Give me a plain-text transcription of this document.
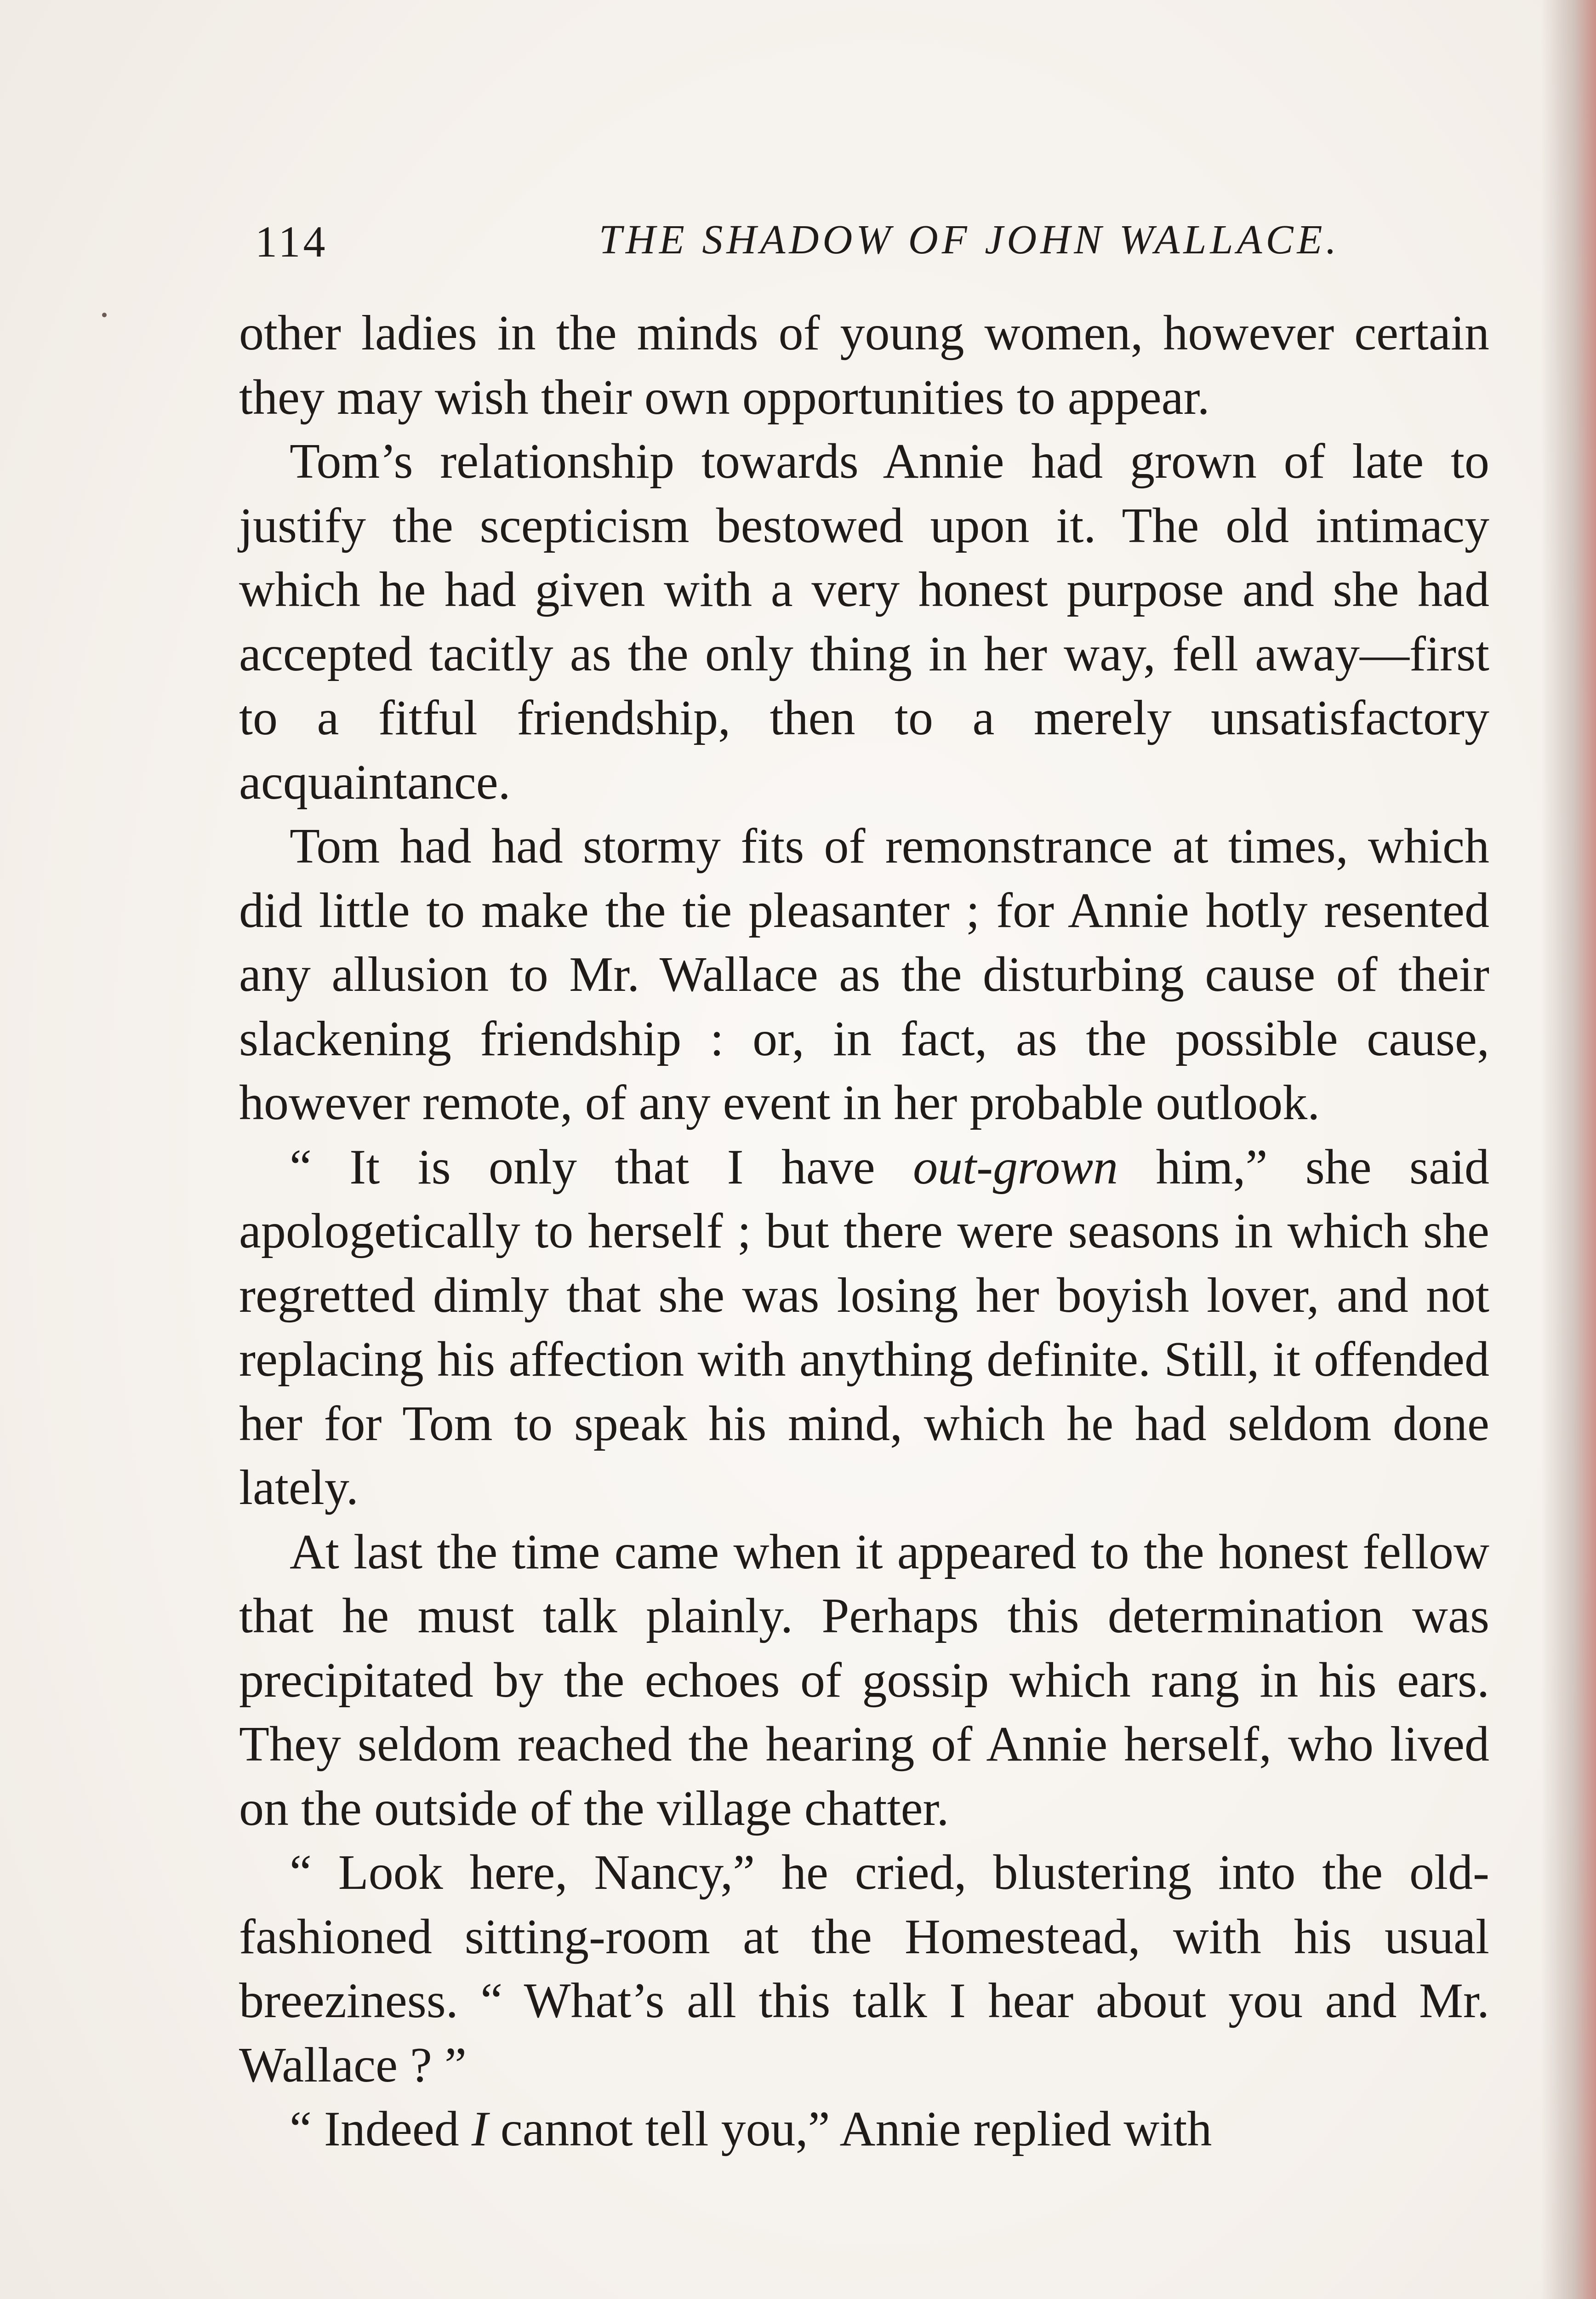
114	THE SHADOW OF JOHN WALLACE.

other ladies in the minds of young women, however certain they may wish their own opportunities to appear.

Tom’s relationship towards Annie had grown of late to justify the scepticism bestowed upon it. The old intimacy which he had given with a very honest purpose and she had accepted tacitly as the only thing in her way, fell away—first to a fitful friendship, then to a merely unsatisfactory acquaintance.

Tom had had stormy fits of remonstrance at times, which did little to make the tie pleasanter ; for Annie hotly resented any allusion to Mr. Wallace as the disturbing cause of their slackening friendship : or, in fact, as the possible cause, however remote, of any event in her probable outlook.

“ It is only that I have out-grown him,” she said apologetically to herself ; but there were seasons in which she regretted dimly that she was losing her boyish lover, and not replacing his affection with anything definite. Still, it offended her for Tom to speak his mind, which he had seldom done lately.

At last the time came when it appeared to the honest fellow that he must talk plainly. Perhaps this determination was precipitated by the echoes of gossip which rang in his ears. They seldom reached the hearing of Annie herself, who lived on the outside of the village chatter.

“ Look here, Nancy,” he cried, blustering into the old-fashioned sitting-room at the Homestead, with his usual breeziness. “ What’s all this talk I hear about you and Mr. Wallace ? ”

“ Indeed I cannot tell you,” Annie replied with
